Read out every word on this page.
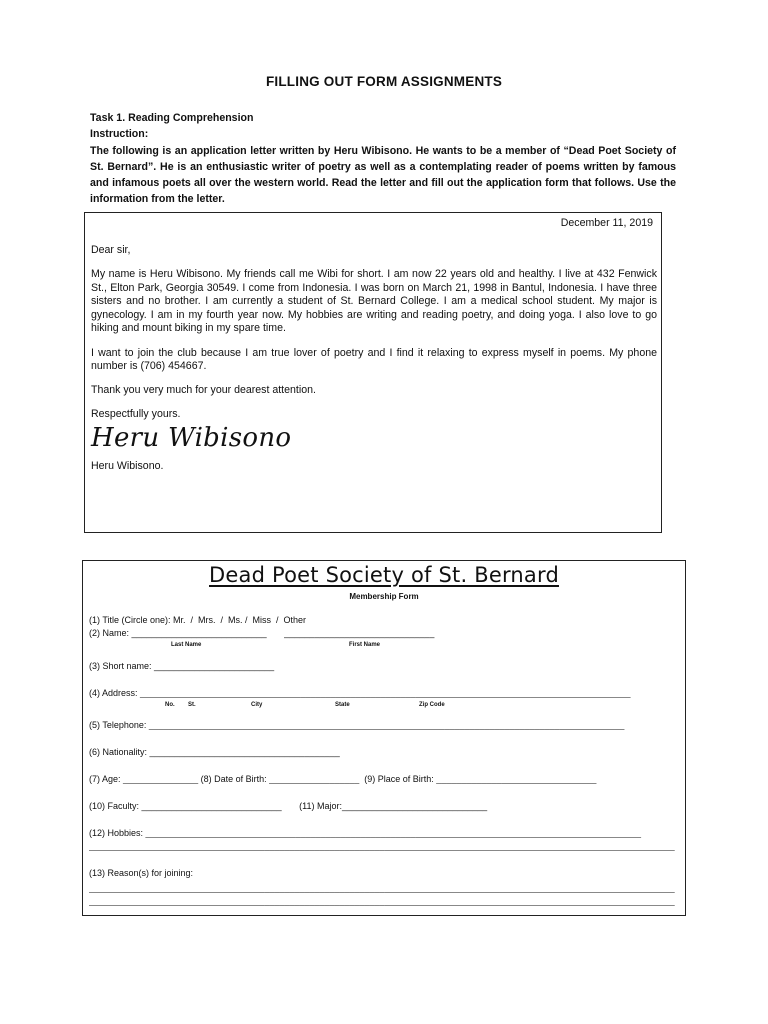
FILLING OUT FORM ASSIGNMENTS
Task 1. Reading Comprehension
Instruction:
The following is an application letter written by Heru Wibisono. He wants to be a member of “Dead Poet Society of St. Bernard”. He is an enthusiastic writer of poetry as well as a contemplating reader of poems written by famous and infamous poets all over the western world. Read the letter and fill out the application form that follows. Use the information from the letter.
December 11, 2019

Dear sir,

My name is Heru Wibisono. My friends call me Wibi for short. I am now 22 years old and healthy. I live at 432 Fenwick St., Elton Park, Georgia 30549. I come from Indonesia. I was born on March 21, 1998 in Bantul, Indonesia. I have three sisters and no brother. I am currently a student of St. Bernard College. I am a medical school student. My major is gynecology. I am in my fourth year now. My hobbies are writing and reading poetry, and doing yoga. I also love to go hiking and mount biking in my spare time.

I want to join the club because I am true lover of poetry and I find it relaxing to express myself in poems. My phone number is (706) 454667.

Thank you very much for your dearest attention.

Respectfully yours.

Heru Wibisono

Heru Wibisono.

Dead Poet Society of St. Bernard
Membership Form
(1) Title (Circle one): Mr.  /  Mrs.  /  Ms. /  Miss  /  Other
(2) Name: ___________________________       ______________________________
Last Name	First Name
(3) Short name: ________________________
(4) Address: __________________________________________________________________________________________________
No. St.	City	State	Zip Code
(5) Telephone: _______________________________________________________________________________________________
(6) Nationality: ______________________________________
(7) Age: _______________ (8) Date of Birth: __________________  (9) Place of Birth: ________________________________
(10) Faculty: ____________________________       (11) Major:_____________________________
(12) Hobbies: ___________________________________________________________________________________________________
_____________________________________________________________________________________________________________________
(13) Reason(s) for joining:
_____________________________________________________________________________________________________________________
_____________________________________________________________________________________________________________________
